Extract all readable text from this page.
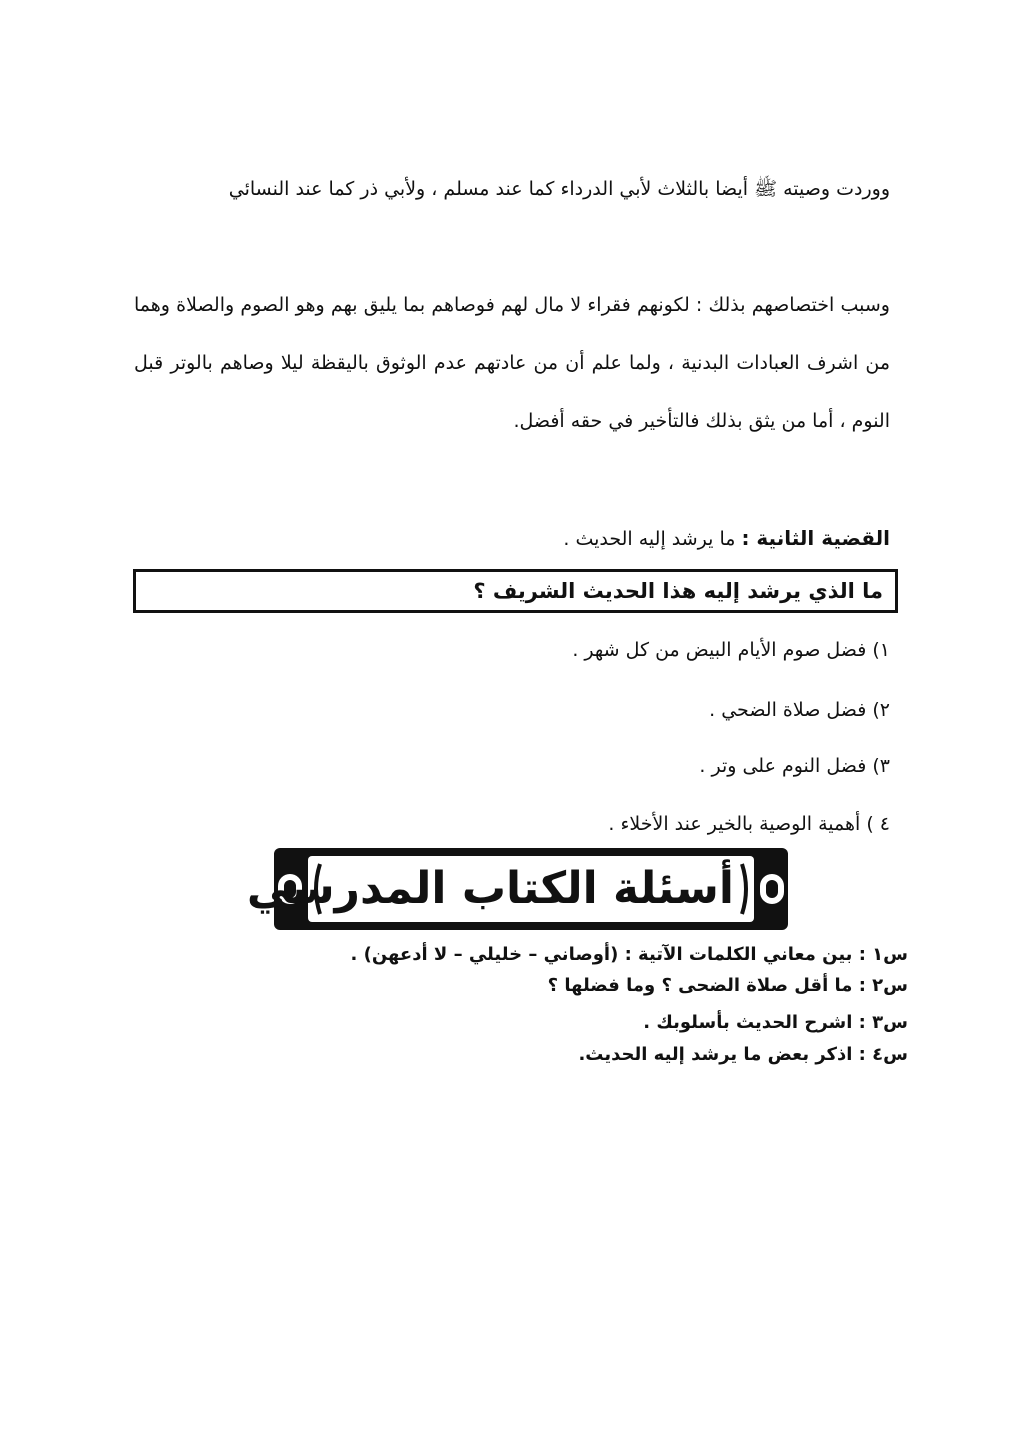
ووردت وصيته ﷺ أيضا بالثلاث لأبي الدرداء كما عند مسلم ، ولأبي ذر كما عند النسائي

وسبب اختصاصهم بذلك : لكونهم فقراء لا مال لهم فوصاهم بما يليق بهم وهو الصوم والصلاة وهما من اشرف العبادات البدنية ، ولما علم أن من عادتهم عدم الوثوق باليقظة ليلا وصاهم بالوتر قبل النوم ، أما من يثق بذلك فالتأخير في حقه أفضل.

القضية الثانية : ما يرشد إليه الحديث .
ما الذي يرشد إليه هذا الحديث الشريف ؟
١) فضل صوم الأيام البيض من كل شهر .
٢) فضل صلاة الضحي .
٣) فضل النوم على وتر .
٤ ) أهمية الوصية بالخير عند الأخلاء .
أسئلة الكتاب المدرسي
س١ : بين معاني الكلمات الآتية : (أوصاني – خليلي – لا أدعهن) .
س٢ : ما أقل صلاة الضحى ؟ وما فضلها ؟
س٣ : اشرح الحديث بأسلوبك .
س٤ : اذكر بعض ما يرشد إليه الحديث.
